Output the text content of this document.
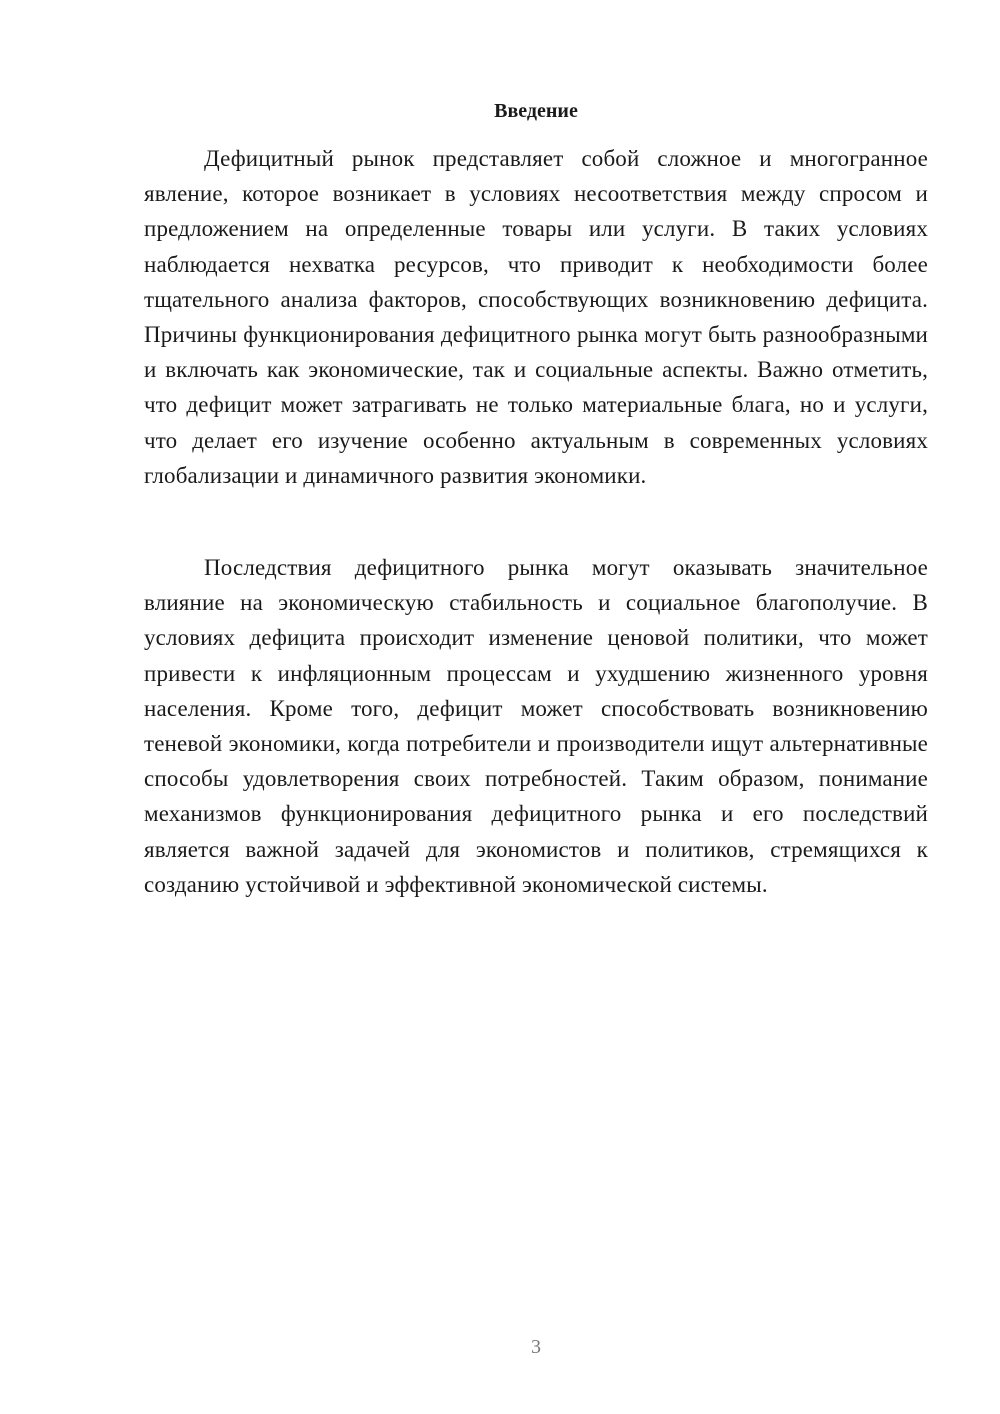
Введение

Дефицитный рынок представляет собой сложное и многогранное явление, которое возникает в условиях несоответствия между спросом и предложением на определенные товары или услуги. В таких условиях наблюдается нехватка ресурсов, что приводит к необходимости более тщательного анализа факторов, способствующих возникновению дефицита. Причины функционирования дефицитного рынка могут быть разнообразными и включать как экономические, так и социальные аспекты. Важно отметить, что дефицит может затрагивать не только материальные блага, но и услуги, что делает его изучение особенно актуальным в современных условиях глобализации и динамичного развития экономики.

Последствия дефицитного рынка могут оказывать значительное влияние на экономическую стабильность и социальное благополучие. В условиях дефицита происходит изменение ценовой политики, что может привести к инфляционным процессам и ухудшению жизненного уровня населения. Кроме того, дефицит может способствовать возникновению теневой экономики, когда потребители и производители ищут альтернативные способы удовлетворения своих потребностей. Таким образом, понимание механизмов функционирования дефицитного рынка и его последствий является важной задачей для экономистов и политиков, стремящихся к созданию устойчивой и эффективной экономической системы.

3
